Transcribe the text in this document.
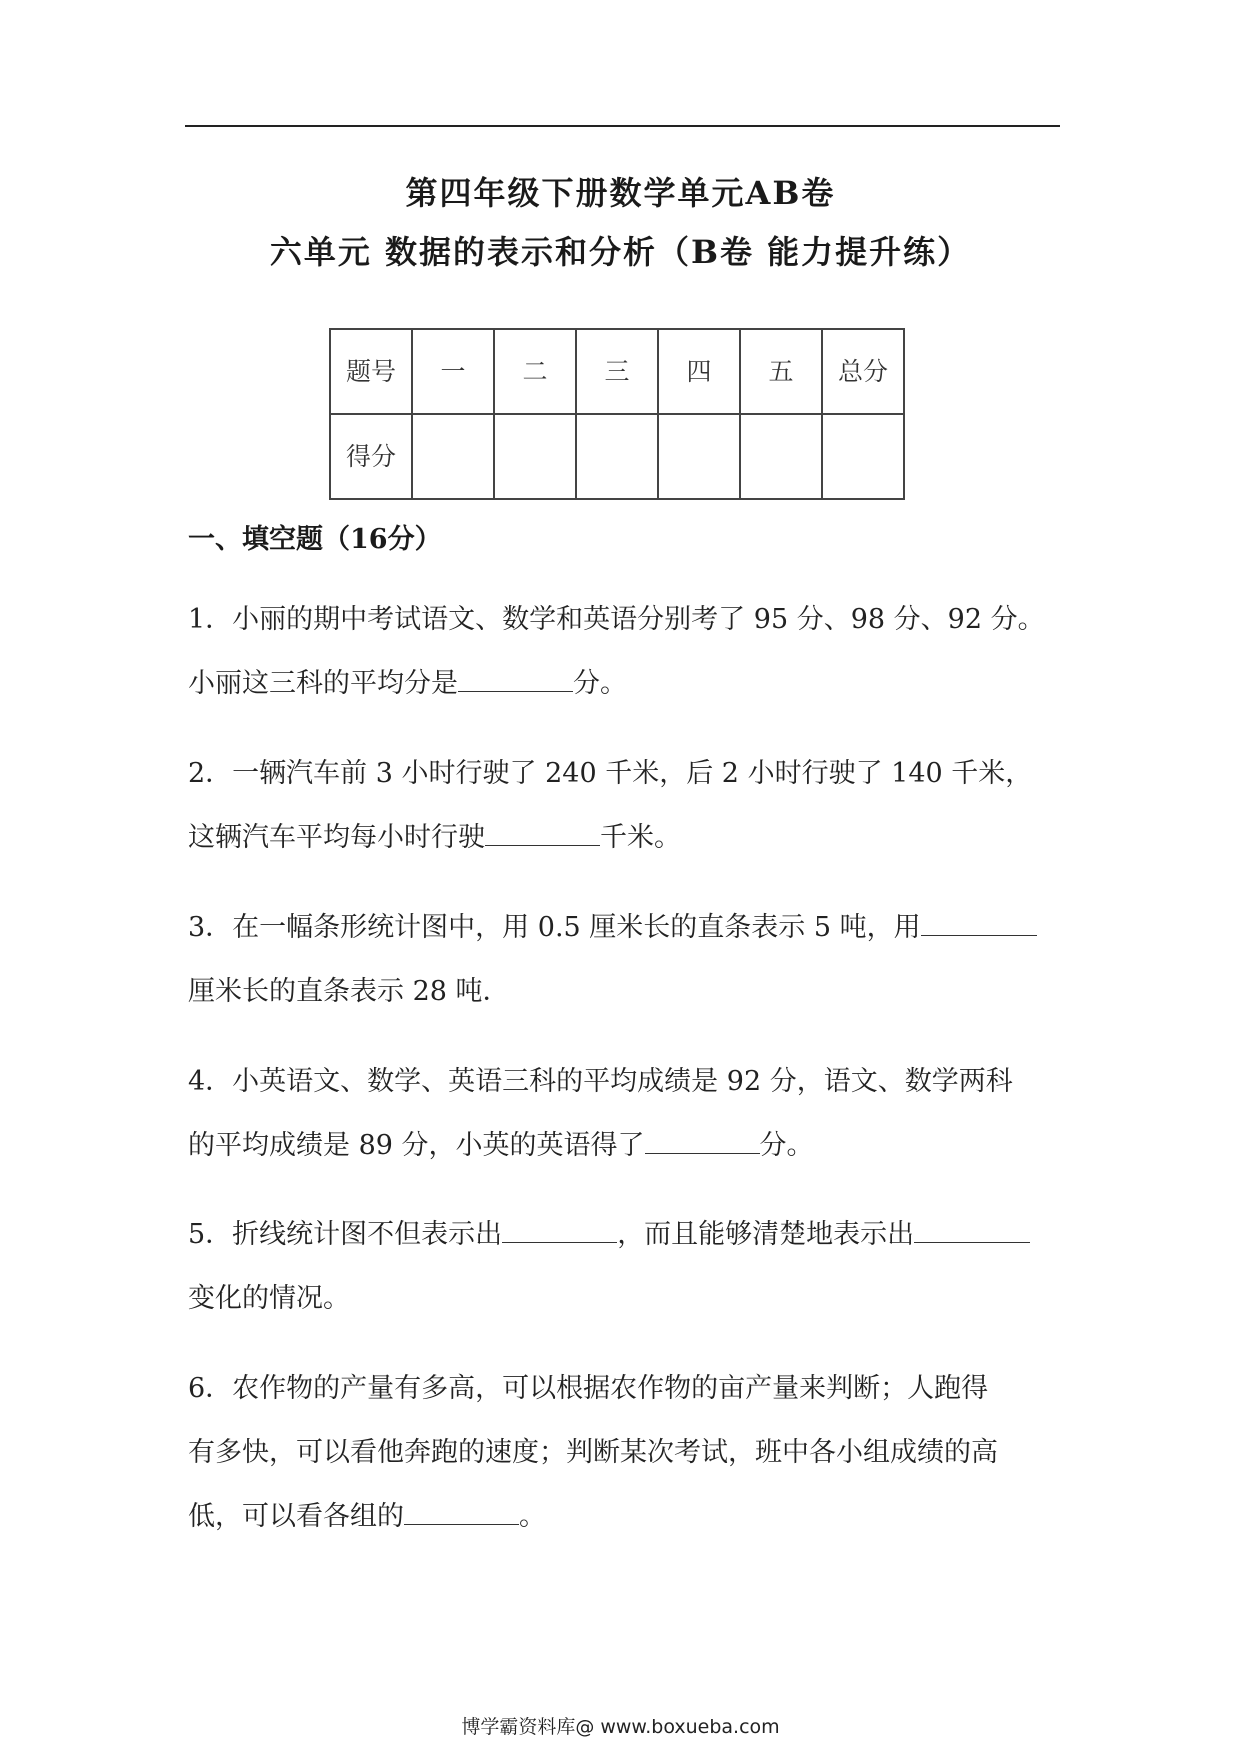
第四年级下册数学单元AB卷
六单元 数据的表示和分析（B卷 能力提升练）
题号	一	二	三	四	五	总分
得分						
一、填空题（16分）
1．小丽的期中考试语文、数学和英语分别考了 95 分、98 分、92 分。
小丽这三科的平均分是	分。
2．一辆汽车前 3 小时行驶了 240 千米，后 2 小时行驶了 140 千米，
这辆汽车平均每小时行驶	千米。
3．在一幅条形统计图中，用 0.5 厘米长的直条表示 5 吨，用
厘米长的直条表示 28 吨．
4．小英语文、数学、英语三科的平均成绩是 92 分，语文、数学两科
的平均成绩是 89 分，小英的英语得了	分。
5．折线统计图不但表示出	，而且能够清楚地表示出
变化的情况。
6．农作物的产量有多高，可以根据农作物的亩产量来判断；人跑得
有多快，可以看他奔跑的速度；判断某次考试，班中各小组成绩的高
低，可以看各组的	。
博学霸资料库@ www.boxueba.com
